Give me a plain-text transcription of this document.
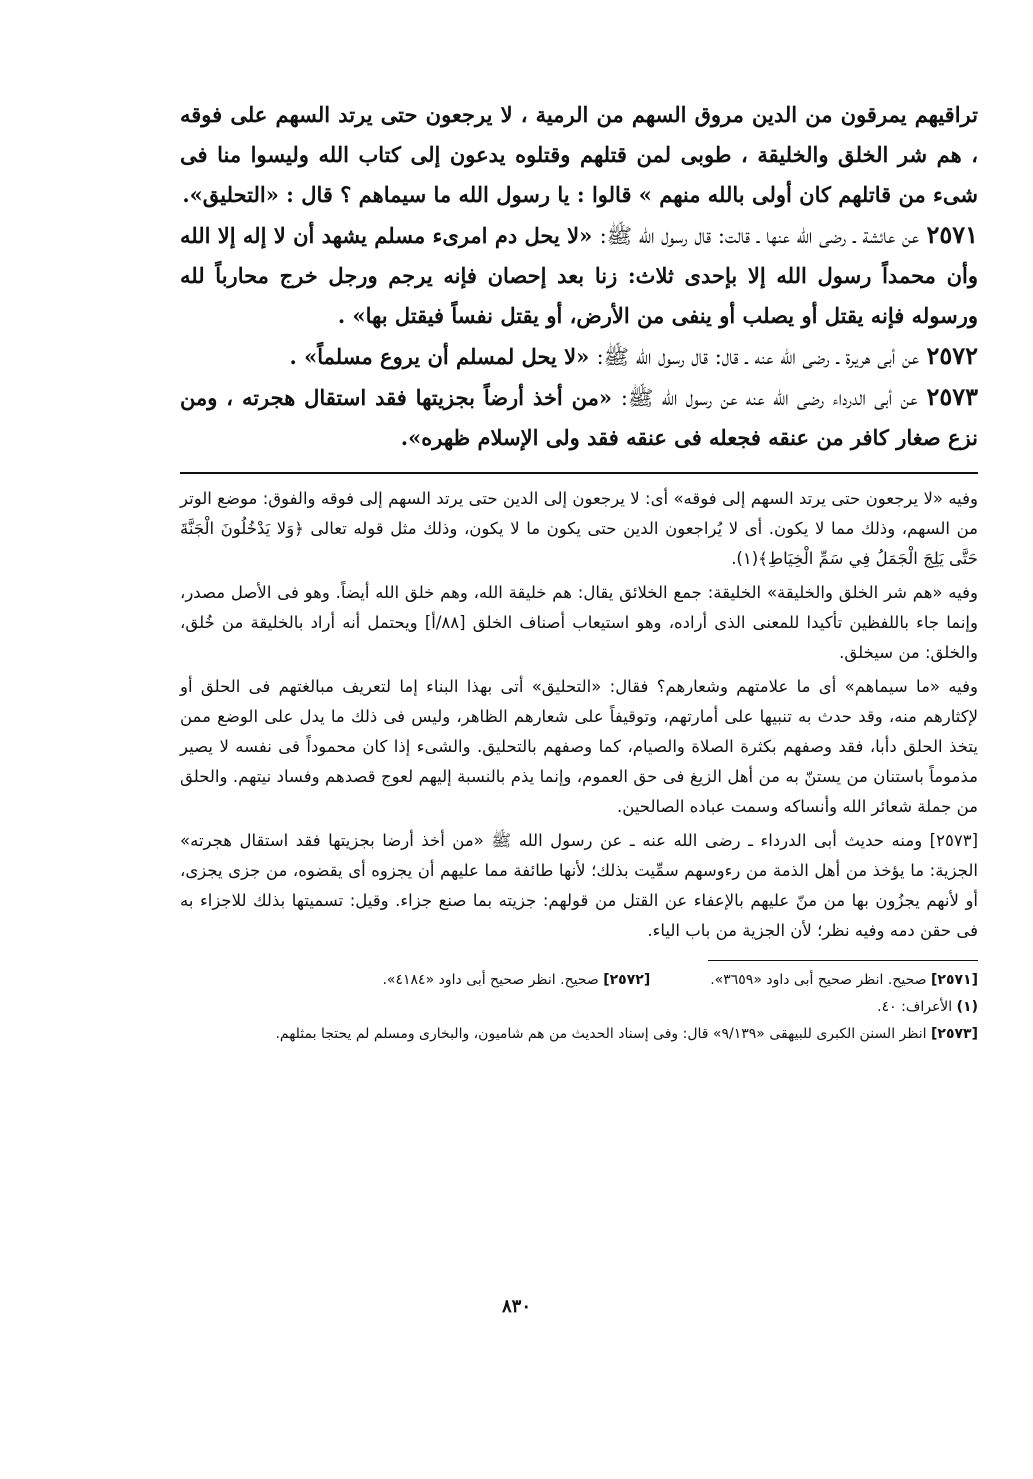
تراقيهم يمرقون من الدين مروق السهم من الرمية ، لا يرجعون حتى يرتد السهم على فوقه ، هم شر الخلق والخليقة ، طوبى لمن قتلهم وقتلوه يدعون إلى كتاب الله وليسوا منا فى شىء من قاتلهم كان أولى بالله منهم » قالوا : يا رسول الله ما سيماهم ؟ قال : «التحليق».

٢٥٧١ عن عائشة ـ رضى الله عنها ـ قالت: قال رسول الله ﷺ: «لا يحل دم امرىء مسلم يشهد أن لا إله إلا الله وأن محمداً رسول الله إلا بإحدى ثلاث: زنا بعد إحصان فإنه يرجم ورجل خرج محارباً لله ورسوله فإنه يقتل أو يصلب أو ينفى من الأرض، أو يقتل نفساً فيقتل بها» .

٢٥٧٢ عن أبى هريرة ـ رضى الله عنه ـ قال: قال رسول الله ﷺ: «لا يحل لمسلم أن يروع مسلماً» .

٢٥٧٣ عن أبى الدرداء رضى الله عنه عن رسول الله ﷺ: «من أخذ أرضاً بجزيتها فقد استقال هجرته ، ومن نزع صغار كافر من عنقه فجعله فى عنقه فقد ولى الإسلام ظهره».

وفيه «لا يرجعون حتى يرتد السهم إلى فوقه» أى: لا يرجعون إلى الدين حتى يرتد السهم إلى فوقه والفوق: موضع الوتر من السهم، وذلك مما لا يكون. أى لا يُراجعون الدين حتى يكون ما لا يكون، وذلك مثل قوله تعالى ﴿وَلا يَدْخُلُونَ الْجَنَّةَ حَتَّى يَلِجَ الْجَمَلُ فِي سَمِّ الْخِيَاطِ﴾(١).

وفيه «هم شر الخلق والخليقة» الخليقة: جمع الخلائق يقال: هم خليقة الله، وهم خلق الله أيضاً. وهو فى الأصل مصدر، وإنما جاء باللفظين تأكيدا للمعنى الذى أراده، وهو استيعاب أصناف الخلق [٨٨/أ] ويحتمل أنه أراد بالخليقة من خُلق، والخلق: من سيخلق.

وفيه «ما سيماهم» أى ما علامتهم وشعارهم؟ فقال: «التحليق» أتى بهذا البناء إما لتعريف مبالغتهم فى الحلق أو لإكثارهم منه، وقد حدث به تنبيها على أمارتهم، وتوقيفاً على شعارهم الظاهر، وليس فى ذلك ما يدل على الوضع ممن يتخذ الحلق دأبا، فقد وصفهم بكثرة الصلاة والصيام، كما وصفهم بالتحليق. والشىء إذا كان محموداً فى نفسه لا يصير مذموماً باستنان من يستنّ به من أهل الزيغ فى حق العموم، وإنما يذم بالنسبة إليهم لعوج قصدهم وفساد نيتهم. والحلق من جملة شعائر الله وأنساكه وسمت عباده الصالحين.

[٢٥٧٣] ومنه حديث أبى الدرداء ـ رضى الله عنه ـ عن رسول الله ﷺ «من أخذ أرضا بجزيتها فقد استقال هجرته» الجزية: ما يؤخذ من أهل الذمة من رءوسهم سمِّيت بذلك؛ لأنها طائفة مما عليهم أن يجزوه أى يقضوه، من جزى يجزى، أو لأنهم يجزُون بها من منّ عليهم بالإعفاء عن القتل من قولهم: جزيته بما صنع جزاء. وقيل: تسميتها بذلك للاجزاء به فى حقن دمه وفيه نظر؛ لأن الجزية من باب الياء.

[٢٥٧١] صحيح. انظر صحيح أبى داود «٣٦٥٩».
[٢٥٧٢] صحيح. انظر صحيح أبى داود «٤١٨٤».

(١) الأعراف: ٤٠.

[٢٥٧٣] انظر السنن الكبرى للبيهقى «٩/١٣٩» قال: وفى إسناد الحديث من هم شاميون، والبخارى ومسلم لم يحتجا بمثلهم.

٨٣٠
